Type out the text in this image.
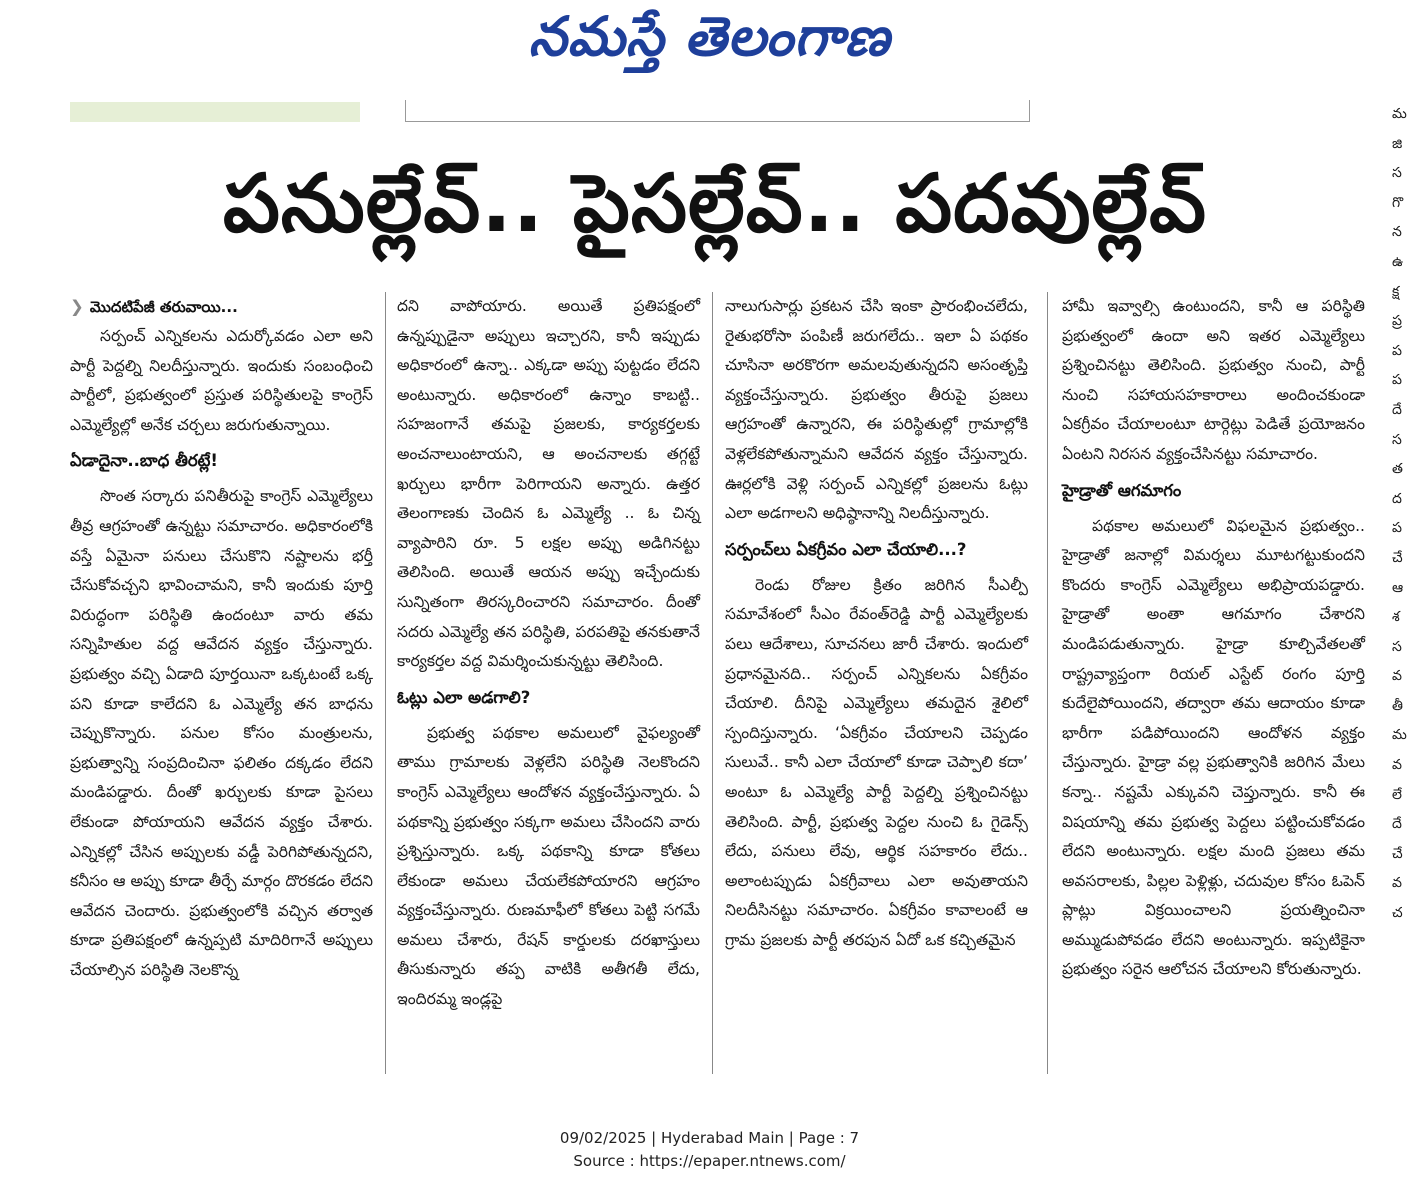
నమస్తే తెలంగాణ
పనుల్లేవ్.. పైసల్లేవ్.. పదవుల్లేవ్
❯ మొదటిపేజీ తరువాయి...

సర్పంచ్ ఎన్నికలను ఎదుర్కోవడం ఎలా అని పార్టీ పెద్దల్ని నిలదీస్తున్నారు. ఇందుకు సంబంధించి పార్టీలో, ప్రభుత్వంలో ప్రస్తుత పరిస్థితులపై కాంగ్రెస్ ఎమ్మెల్యేల్లో అనేక చర్చలు జరుగుతున్నాయి.

ఏడాదైనా..బాధ తీరట్లే!

సొంత సర్కారు పనితీరుపై కాంగ్రెస్ ఎమ్మెల్యేలు తీవ్ర ఆగ్రహంతో ఉన్నట్టు సమాచారం. అధికారంలోకి వస్తే ఏమైనా పనులు చేసుకొని నష్టాలను భర్తీ చేసుకోవచ్చని భావించామని, కానీ ఇందుకు పూర్తి విరుద్ధంగా పరిస్థితి ఉందంటూ వారు తమ సన్నిహితుల వద్ద ఆవేదన వ్యక్తం చేస్తున్నారు. ప్రభుత్వం వచ్చి ఏడాది పూర్తయినా ఒక్కటంటే ఒక్క పని కూడా కాలేదని ఓ ఎమ్మెల్యే తన బాధను చెప్పుకొన్నారు. పనుల కోసం మంత్రులను, ప్రభుత్వాన్ని సంప్రదించినా ఫలితం దక్కడం లేదని మండిపడ్డారు. దీంతో ఖర్చులకు కూడా పైసలు లేకుండా పోయాయని ఆవేదన వ్యక్తం చేశారు. ఎన్నికల్లో చేసిన అప్పులకు వడ్డీ పెరిగిపోతున్నదని, కనీసం ఆ అప్పు కూడా తీర్చే మార్గం దొరకడం లేదని ఆవేదన చెందారు. ప్రభుత్వంలోకి వచ్చిన తర్వాత కూడా ప్రతిపక్షంలో ఉన్నప్పటి మాదిరిగానే అప్పులు చేయాల్సిన పరిస్థితి నెలకొన్న

దని వాపోయారు. అయితే ప్రతిపక్షంలో ఉన్నప్పుడైనా అప్పులు ఇచ్చారని, కానీ ఇప్పుడు అధికారంలో ఉన్నా.. ఎక్కడా అప్పు పుట్టడం లేదని అంటున్నారు. అధికారంలో ఉన్నాం కాబట్టి.. సహజంగానే తమపై ప్రజలకు, కార్యకర్తలకు అంచనాలుంటాయని, ఆ అంచనాలకు తగ్గట్టే ఖర్చులు భారీగా పెరిగాయని అన్నారు. ఉత్తర తెలంగాణకు చెందిన ఓ ఎమ్మెల్యే .. ఓ చిన్న వ్యాపారిని రూ. 5 లక్షల అప్పు అడిగినట్టు తెలిసింది. అయితే ఆయన అప్పు ఇచ్చేందుకు సున్నితంగా తిరస్కరించారని సమాచారం. దీంతో సదరు ఎమ్మెల్యే తన పరిస్థితి, పరపతిపై తనకుతానే కార్యకర్తల వద్ద విమర్శించుకున్నట్టు తెలిసింది.

ఓట్లు ఎలా అడగాలి?

ప్రభుత్వ పథకాల అమలులో వైఫల్యంతో తాము గ్రామాలకు వెళ్లలేని పరిస్థితి నెలకొందని కాంగ్రెస్ ఎమ్మెల్యేలు ఆందోళన వ్యక్తంచేస్తున్నారు. ఏ పథకాన్ని ప్రభుత్వం సక్కగా అమలు చేసిందని వారు ప్రశ్నిస్తున్నారు. ఒక్క పథకాన్ని కూడా కోతలు లేకుండా అమలు చేయలేకపోయారని ఆగ్రహం వ్యక్తంచేస్తున్నారు. రుణమాఫీలో కోతలు పెట్టి సగమే అమలు చేశారు, రేషన్ కార్డులకు దరఖాస్తులు తీసుకున్నారు తప్ప వాటికి అతీగతీ లేదు, ఇందిరమ్మ ఇండ్లపై

నాలుగుసార్లు ప్రకటన చేసి ఇంకా ప్రారంభించలేదు, రైతుభరోసా పంపిణీ జరుగలేదు.. ఇలా ఏ పథకం చూసినా అరకొరగా అమలవుతున్నదని అసంతృప్తి వ్యక్తంచేస్తున్నారు. ప్రభుత్వం తీరుపై ప్రజలు ఆగ్రహంతో ఉన్నారని, ఈ పరిస్థితుల్లో గ్రామాల్లోకి వెళ్లలేకపోతున్నామని ఆవేదన వ్యక్తం చేస్తున్నారు. ఊర్లలోకి వెళ్లి సర్పంచ్ ఎన్నికల్లో ప్రజలను ఓట్లు ఎలా అడగాలని అధిష్ఠానాన్ని నిలదీస్తున్నారు.

సర్పంచ్‌లు ఏకగ్రీవం ఎలా చేయాలి...?

రెండు రోజుల క్రితం జరిగిన సీఎల్పీ సమావేశంలో సీఎం రేవంత్‌రెడ్డి పార్టీ ఎమ్మెల్యేలకు పలు ఆదేశాలు, సూచనలు జారీ చేశారు. ఇందులో ప్రధానమైనది.. సర్పంచ్ ఎన్నికలను ఏకగ్రీవం చేయాలి. దీనిపై ఎమ్మెల్యేలు తమదైన శైలిలో స్పందిస్తున్నారు. ‘ఏకగ్రీవం చేయాలని చెప్పడం సులువే.. కానీ ఎలా చేయాలో కూడా చెప్పాలి కదా’ అంటూ ఓ ఎమ్మెల్యే పార్టీ పెద్దల్ని ప్రశ్నించినట్టు తెలిసింది. పార్టీ, ప్రభుత్వ పెద్దల నుంచి ఓ గైడెన్స్ లేదు, పనులు లేవు, ఆర్థిక సహకారం లేదు.. అలాంటప్పుడు ఏకగ్రీవాలు ఎలా అవుతాయని నిలదీసినట్టు సమాచారం. ఏకగ్రీవం కావాలంటే ఆ గ్రామ ప్రజలకు పార్టీ తరపున ఏదో ఒక కచ్చితమైన

హామీ ఇవ్వాల్సి ఉంటుందని, కానీ ఆ పరిస్థితి ప్రభుత్వంలో ఉందా అని ఇతర ఎమ్మెల్యేలు ప్రశ్నించినట్టు తెలిసింది. ప్రభుత్వం నుంచి, పార్టీ నుంచి సహాయసహకారాలు అందించకుండా ఏకగ్రీవం చేయాలంటూ టార్గెట్లు పెడితే ప్రయోజనం ఏంటని నిరసన వ్యక్తంచేసినట్టు సమాచారం.

హైడ్రాతో ఆగమాగం

పథకాల అమలులో విఫలమైన ప్రభుత్వం.. హైడ్రాతో జనాల్లో విమర్శలు మూటగట్టుకుందని కొందరు కాంగ్రెస్ ఎమ్మెల్యేలు అభిప్రాయపడ్డారు. హైడ్రాతో అంతా ఆగమాగం చేశారని మండిపడుతున్నారు. హైడ్రా కూల్చివేతలతో రాష్ట్రవ్యాప్తంగా రియల్ ఎస్టేట్ రంగం పూర్తి కుదేలైపోయిందని, తద్వారా తమ ఆదాయం కూడా భారీగా పడిపోయిందని ఆందోళన వ్యక్తం చేస్తున్నారు. హైడ్రా వల్ల ప్రభుత్వానికి జరిగిన మేలు కన్నా.. నష్టమే ఎక్కువని చెప్తున్నారు. కానీ ఈ విషయాన్ని తమ ప్రభుత్వ పెద్దలు పట్టించుకోవడం లేదని అంటున్నారు. లక్షల మంది ప్రజలు తమ అవసరాలకు, పిల్లల పెళ్లిళ్లు, చదువుల కోసం ఓపెన్ ప్లాట్లు విక్రయించాలని ప్రయత్నించినా అమ్ముడుపోవడం లేదని అంటున్నారు. ఇప్పటికైనా ప్రభుత్వం సరైన ఆలోచన చేయాలని కోరుతున్నారు.

మ
జి
స
గొ
న
ఉ
క్ష
ప్ర
ప
ప
దే
స
త
ద
ప
చే
ఆ
శ
స
వ
తీ
మ
వ
లే
దే
చే
వ
చ
09/02/2025 | Hyderabad Main | Page : 7
Source : https://epaper.ntnews.com/
